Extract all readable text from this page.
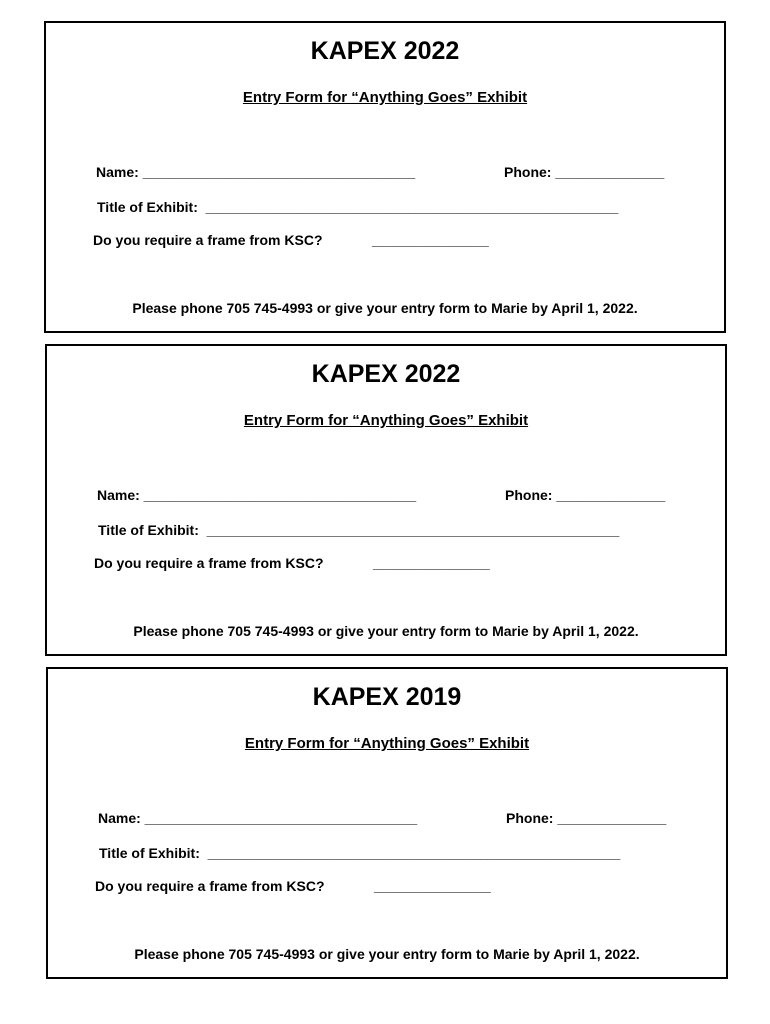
KAPEX 2022
Entry Form for “Anything Goes” Exhibit
Name: ___________________________________	Phone: ______________
Title of Exhibit:  _____________________________________________________
Do you require a frame from KSC?	_______________
Please phone 705 745-4993 or give your entry form to Marie by April 1, 2022.
KAPEX 2022
Entry Form for “Anything Goes” Exhibit
Name: ___________________________________	Phone: ______________
Title of Exhibit:  _____________________________________________________
Do you require a frame from KSC?	_______________
Please phone 705 745-4993 or give your entry form to Marie by April 1, 2022.
KAPEX 2019
Entry Form for “Anything Goes” Exhibit
Name: ___________________________________	Phone: ______________
Title of Exhibit:  _____________________________________________________
Do you require a frame from KSC?	_______________
Please phone 705 745-4993 or give your entry form to Marie by April 1, 2022.
